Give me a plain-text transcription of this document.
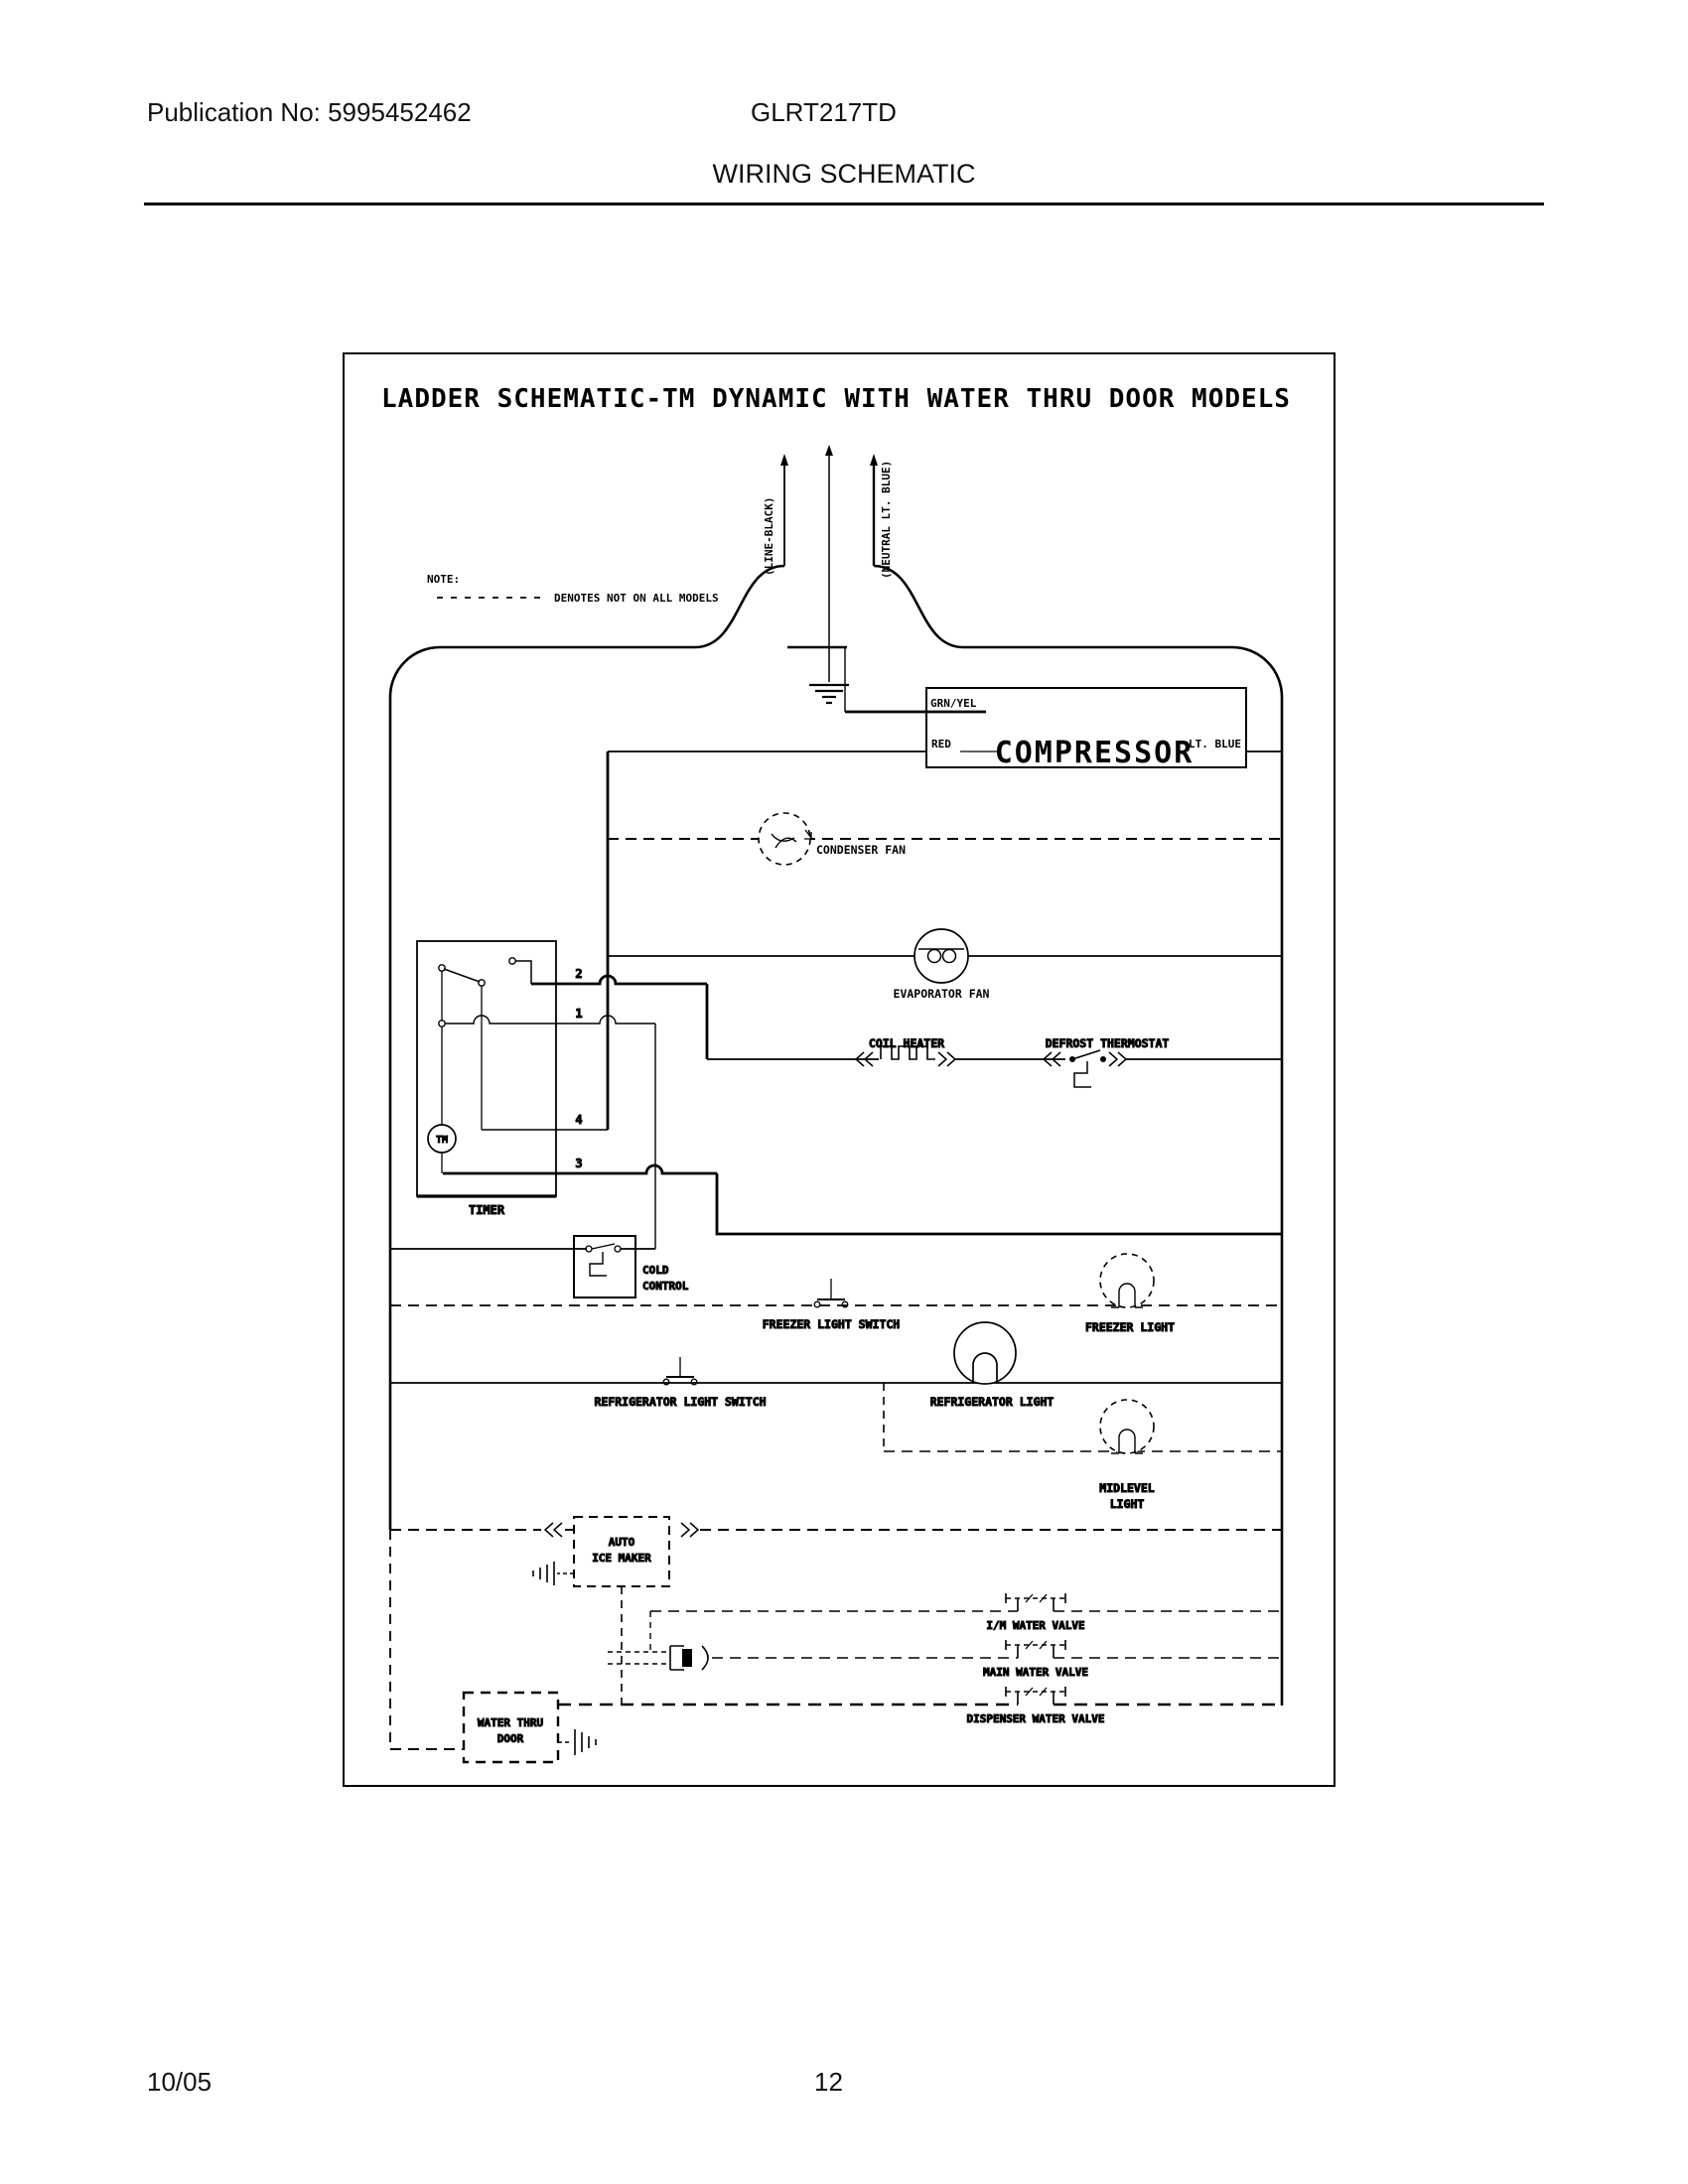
Publication No: 5995452462	GLRT217TD
WIRING SCHEMATIC
LADDER SCHEMATIC-TM DYNAMIC WITH WATER THRU DOOR MODELS
NOTE:
DENOTES NOT ON ALL MODELS
(LINE-BLACK)	(NEUTRAL LT. BLUE)
GRN/YEL
RED COMPRESSOR
LT. BLUE
CONDENSER FAN
EVAPORATOR FAN
COIL HEATER	DEFROST THERMOSTAT
TM
2
1
4
3
TIMER
COLD
CONTROL
FREEZER LIGHT SWITCH	FREEZER LIGHT
REFRIGERATOR LIGHT SWITCH	REFRIGERATOR LIGHT
MIDLEVEL
LIGHT
AUTO
ICE MAKER
I/M WATER VALVE
MAIN WATER VALVE
DISPENSER WATER VALVE
WATER THRU
DOOR
10/05	12
